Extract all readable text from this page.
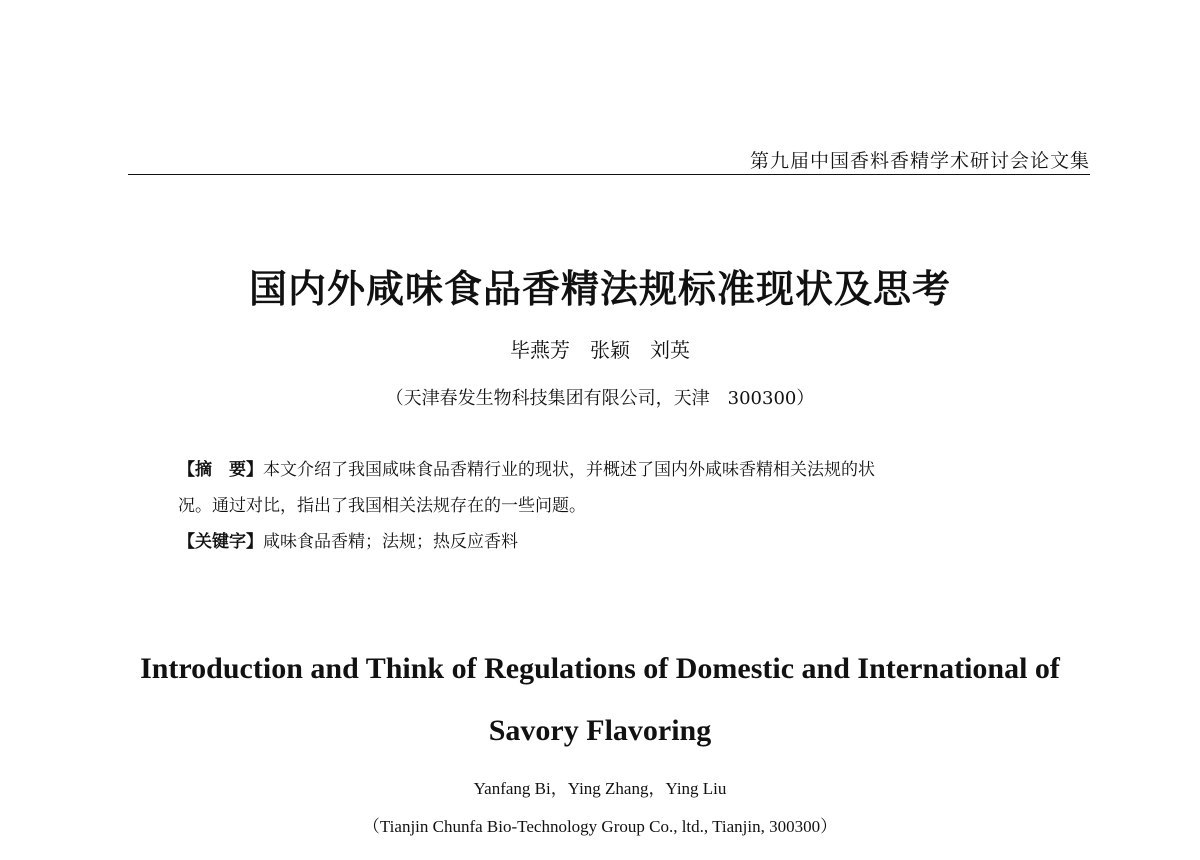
第九届中国香料香精学术研讨会论文集
国内外咸味食品香精法规标准现状及思考
毕燕芳　张颖　刘英
（天津春发生物科技集团有限公司，天津　300300）

【摘　要】本文介绍了我国咸味食品香精行业的现状，并概述了国内外咸味香精相关法规的状

况。通过对比，指出了我国相关法规存在的一些问题。

【关键字】咸味食品香精；法规；热反应香料

Introduction and Think of Regulations of Domestic and International of
Savory Flavoring
Yanfang Bi，Ying Zhang，Ying Liu
（Tianjin Chunfa Bio-Technology Group Co., ltd., Tianjin, 300300）
